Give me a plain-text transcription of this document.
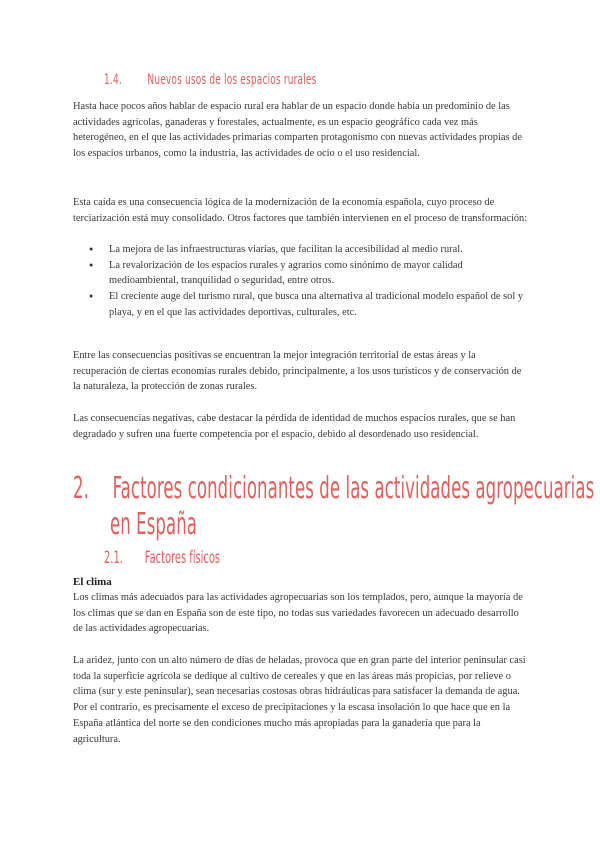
1.4. Nuevos usos de los espacios rurales

Hasta hace pocos años hablar de espacio rural era hablar de un espacio donde había un predominio de las actividades agrícolas, ganaderas y forestales, actualmente, es un espacio geográfico cada vez más heterogéneo, en el que las actividades primarias comparten protagonismo con nuevas actividades propias de los espacios urbanos, como la industria, las actividades de ocio o el uso residencial.

Esta caída es una consecuencia lógica de la modernización de la economía española, cuyo proceso de terciarización está muy consolidado. Otros factores que también intervienen en el proceso de transformación:

● La mejora de las infraestructuras viarias, que facilitan la accesibilidad al medio rural.
● La revalorización de los espacios rurales y agrarios como sinónimo de mayor calidad medioambiental, tranquilidad o seguridad, entre otros.
● El creciente auge del turismo rural, que busca una alternativa al tradicional modelo español de sol y playa, y en el que las actividades deportivas, culturales, etc.

Entre las consecuencias positivas se encuentran la mejor integración territorial de estas áreas y la recuperación de ciertas economías rurales debido, principalmente, a los usos turísticos y de conservación de la naturaleza, la protección de zonas rurales.

Las consecuencias negativas, cabe destacar la pérdida de identidad de muchos espacios rurales, que se han degradado y sufren una fuerte competencia por el espacio, debido al desordenado uso residencial.

2. Factores condicionantes de las actividades agropecuarias
en España
2.1. Factores físicos
El clima

Los climas más adecuados para las actividades agropecuarias son los templados, pero, aunque la mayoría de los climas que se dan en España son de este tipo, no todas sus variedades favorecen un adecuado desarrollo de las actividades agropecuarias.

La aridez, junto con un alto número de días de heladas, provoca que en gran parte del interior peninsular casi toda la superficie agrícola se dedique al cultivo de cereales y que en las áreas más propicias, por relieve o clima (sur y este peninsular), sean necesarias costosas obras hidráulicas para satisfacer la demanda de agua. Por el contrario, es precisamente el exceso de precipitaciones y la escasa insolación lo que hace que en la España atlántica del norte se den condiciones mucho más apropiadas para la ganadería que para la agricultura.
